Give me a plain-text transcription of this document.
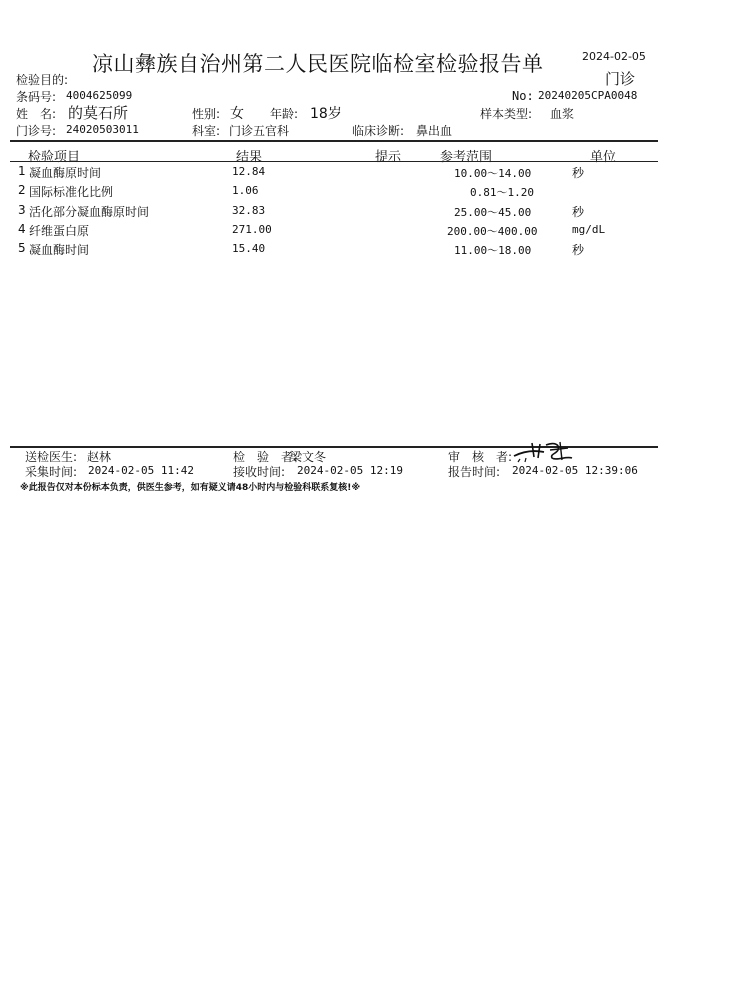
凉山彝族自治州第二人民医院临检室检验报告单	2024-02-05
门诊
检验目的:
条码号: 4004625099	No: 20240205CPA0048
姓　名: 的莫石所	性别: 女 年龄: 18岁	样本类型: 血浆
门诊号: 24020503011	科室: 门诊五官科	临床诊断: 鼻出血
检验项目	结果	提示	参考范围	单位
1 凝血酶原时间	12.84	10.00～14.00	秒
2 国际标准化比例	1.06	0.81～1.20
3 活化部分凝血酶原时间	32.83	25.00～45.00	秒
4 纤维蛋白原	271.00	200.00～400.00	mg/dL
5 凝血酶时间	15.40	11.00～18.00	秒
送检医生: 赵林	检　验　者:
梁文冬	审　核　者:
采集时间: 2024-02-05 11:42	接收时间: 2024-02-05 12:19	报告时间: 2024-02-05 12:39:06
※此报告仅对本份标本负责，供医生参考，如有疑义请48小时内与检验科联系复核!※
